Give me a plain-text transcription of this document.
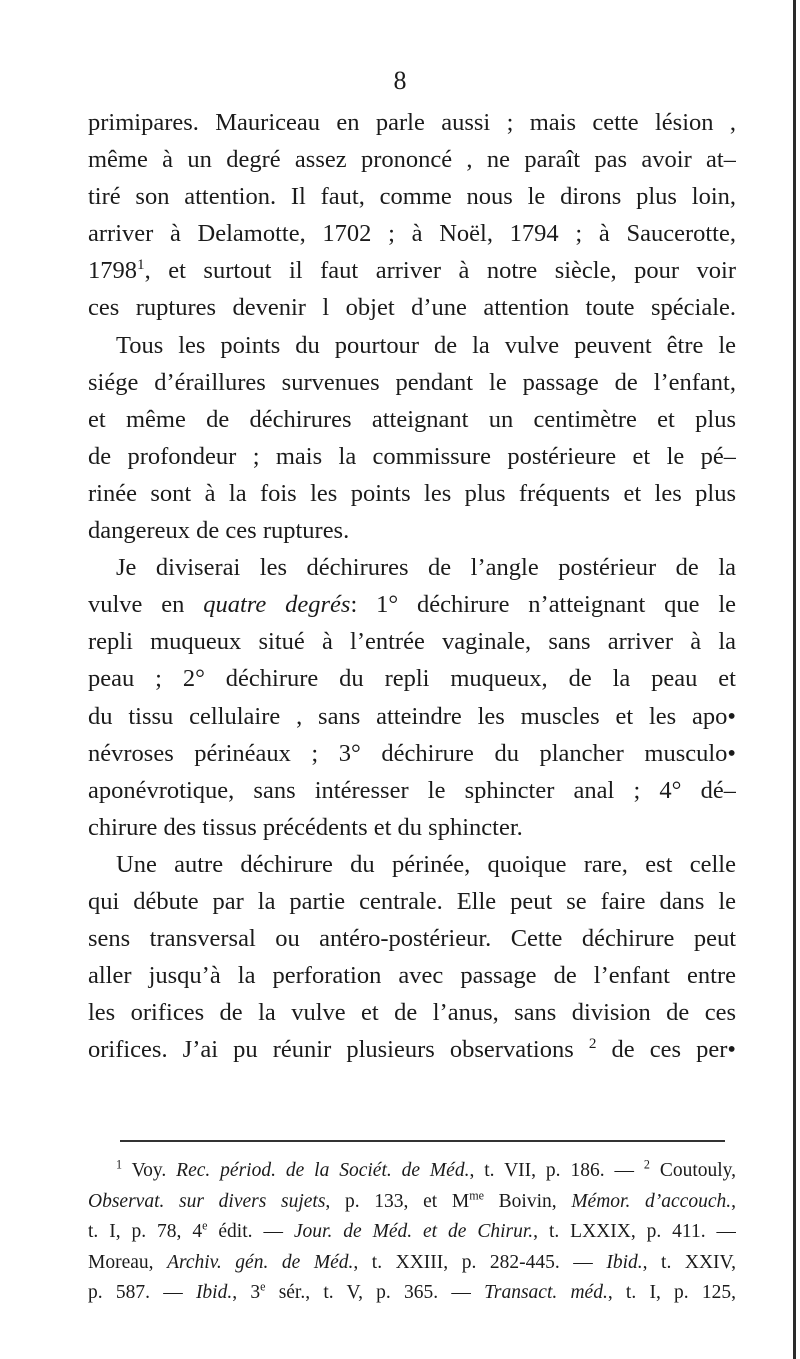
8

primipares. Mauriceau en parle aussi ; mais cette lésion ,

même à un degré assez prononcé , ne paraît pas avoir at–

tiré son attention. Il faut, comme nous le dirons plus loin,

arriver à Delamotte, 1702 ; à Noël, 1794 ; à Saucerotte,

1798$^1$, et surtout il faut arriver à notre siècle, pour voir

ces ruptures devenir l objet d’une attention toute spéciale.

Tous les points du pourtour de la vulve peuvent être le

siége d’éraillures survenues pendant le passage de l’enfant,

et même de déchirures atteignant un centimètre et plus

de profondeur ; mais la commissure postérieure et le pé–

rinée sont à la fois les points les plus fréquents et les plus

dangereux de ces ruptures.

Je diviserai les déchirures de l’angle postérieur de la

vulve en quatre degrés: 1° déchirure n’atteignant que le

repli muqueux situé à l’entrée vaginale, sans arriver à la

peau ; 2° déchirure du repli muqueux, de la peau et

du tissu cellulaire , sans atteindre les muscles et les apo•

névroses périnéaux ; 3° déchirure du plancher musculo•

aponévrotique, sans intéresser le sphincter anal ; 4° dé–

chirure des tissus précédents et du sphincter.

Une autre déchirure du périnée, quoique rare, est celle

qui débute par la partie centrale. Elle peut se faire dans le

sens transversal ou antéro-postérieur. Cette déchirure peut

aller jusqu’à la perforation avec passage de l’enfant entre

les orifices de la vulve et de l’anus, sans division de ces

orifices. J’ai pu réunir plusieurs observations $^2$ de ces per•

$^1$ Voy. Rec. périod. de la Sociét. de Méd., t. VII, p. 186. — $^2$ Coutouly,

Observat. sur divers sujets, p. 133, et $M^{me}$ Boivin, Mémor. d’accouch.,

t. I, p. 78, 4e édit. — Jour. de Méd. et de Chirur., t. LXXIX, p. 411. —

Moreau, Archiv. gén. de Méd., t. XXIII, p. 282-445. — Ibid., t. XXIV,

p. 587. — Ibid., 3e sér., t. V, p. 365. — Transact. méd., t. I, p. 125,
